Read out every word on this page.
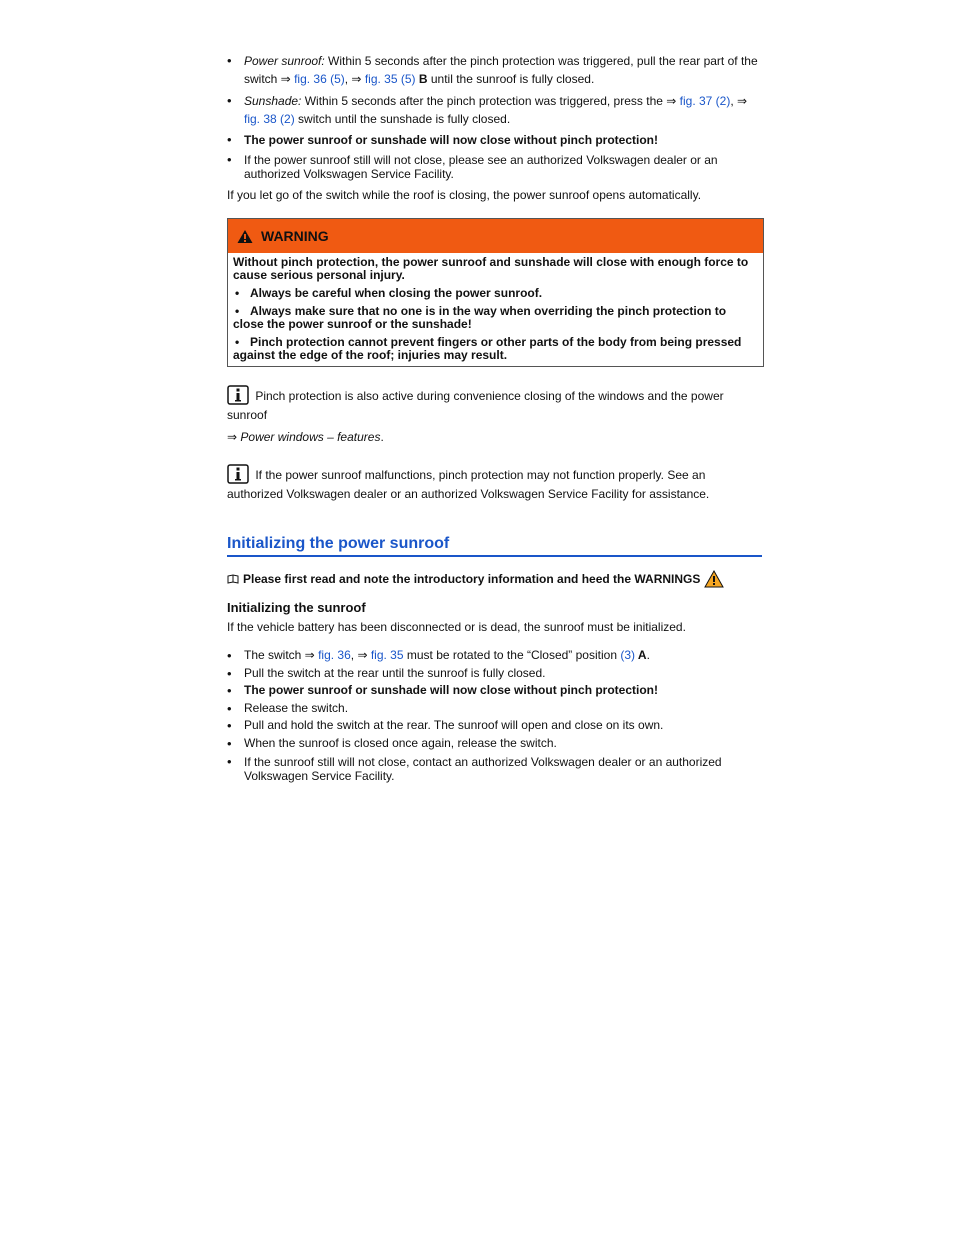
• Power sunroof: Within 5 seconds after the pinch protection was triggered, pull the rear part of the switch ⇒ fig. 36 (5), ⇒ fig. 35 (5) B until the sunroof is fully closed.
• Sunshade: Within 5 seconds after the pinch protection was triggered, press the ⇒ fig. 37 (2), ⇒ fig. 38 (2) switch until the sunshade is fully closed.
• The power sunroof or sunshade will now close without pinch protection!
• If the power sunroof still will not close, please see an authorized Volkswagen dealer or an authorized Volkswagen Service Facility.
If you let go of the switch while the roof is closing, the power sunroof opens automatically.
WARNING
Without pinch protection, the power sunroof and sunshade will close with enough force to cause serious personal injury.
• Always be careful when closing the power sunroof.
• Always make sure that no one is in the way when overriding the pinch protection to close the power sunroof or the sunshade!
• Pinch protection cannot prevent fingers or other parts of the body from being pressed against the edge of the roof; injuries may result.
Pinch protection is also active during convenience closing of the windows and the power sunroof
⇒ Power windows – features.
If the power sunroof malfunctions, pinch protection may not function properly. See an authorized Volkswagen dealer or an authorized Volkswagen Service Facility for assistance.
Initializing the power sunroof
Please first read and note the introductory information and heed the WARNINGS
Initializing the sunroof
If the vehicle battery has been disconnected or is dead, the sunroof must be initialized.
• The switch ⇒ fig. 36, ⇒ fig. 35 must be rotated to the “Closed” position (3) A.
• Pull the switch at the rear until the sunroof is fully closed.
• The power sunroof or sunshade will now close without pinch protection!
• Release the switch.
• Pull and hold the switch at the rear. The sunroof will open and close on its own.
• When the sunroof is closed once again, release the switch.
• If the sunroof still will not close, contact an authorized Volkswagen dealer or an authorized Volkswagen Service Facility.
